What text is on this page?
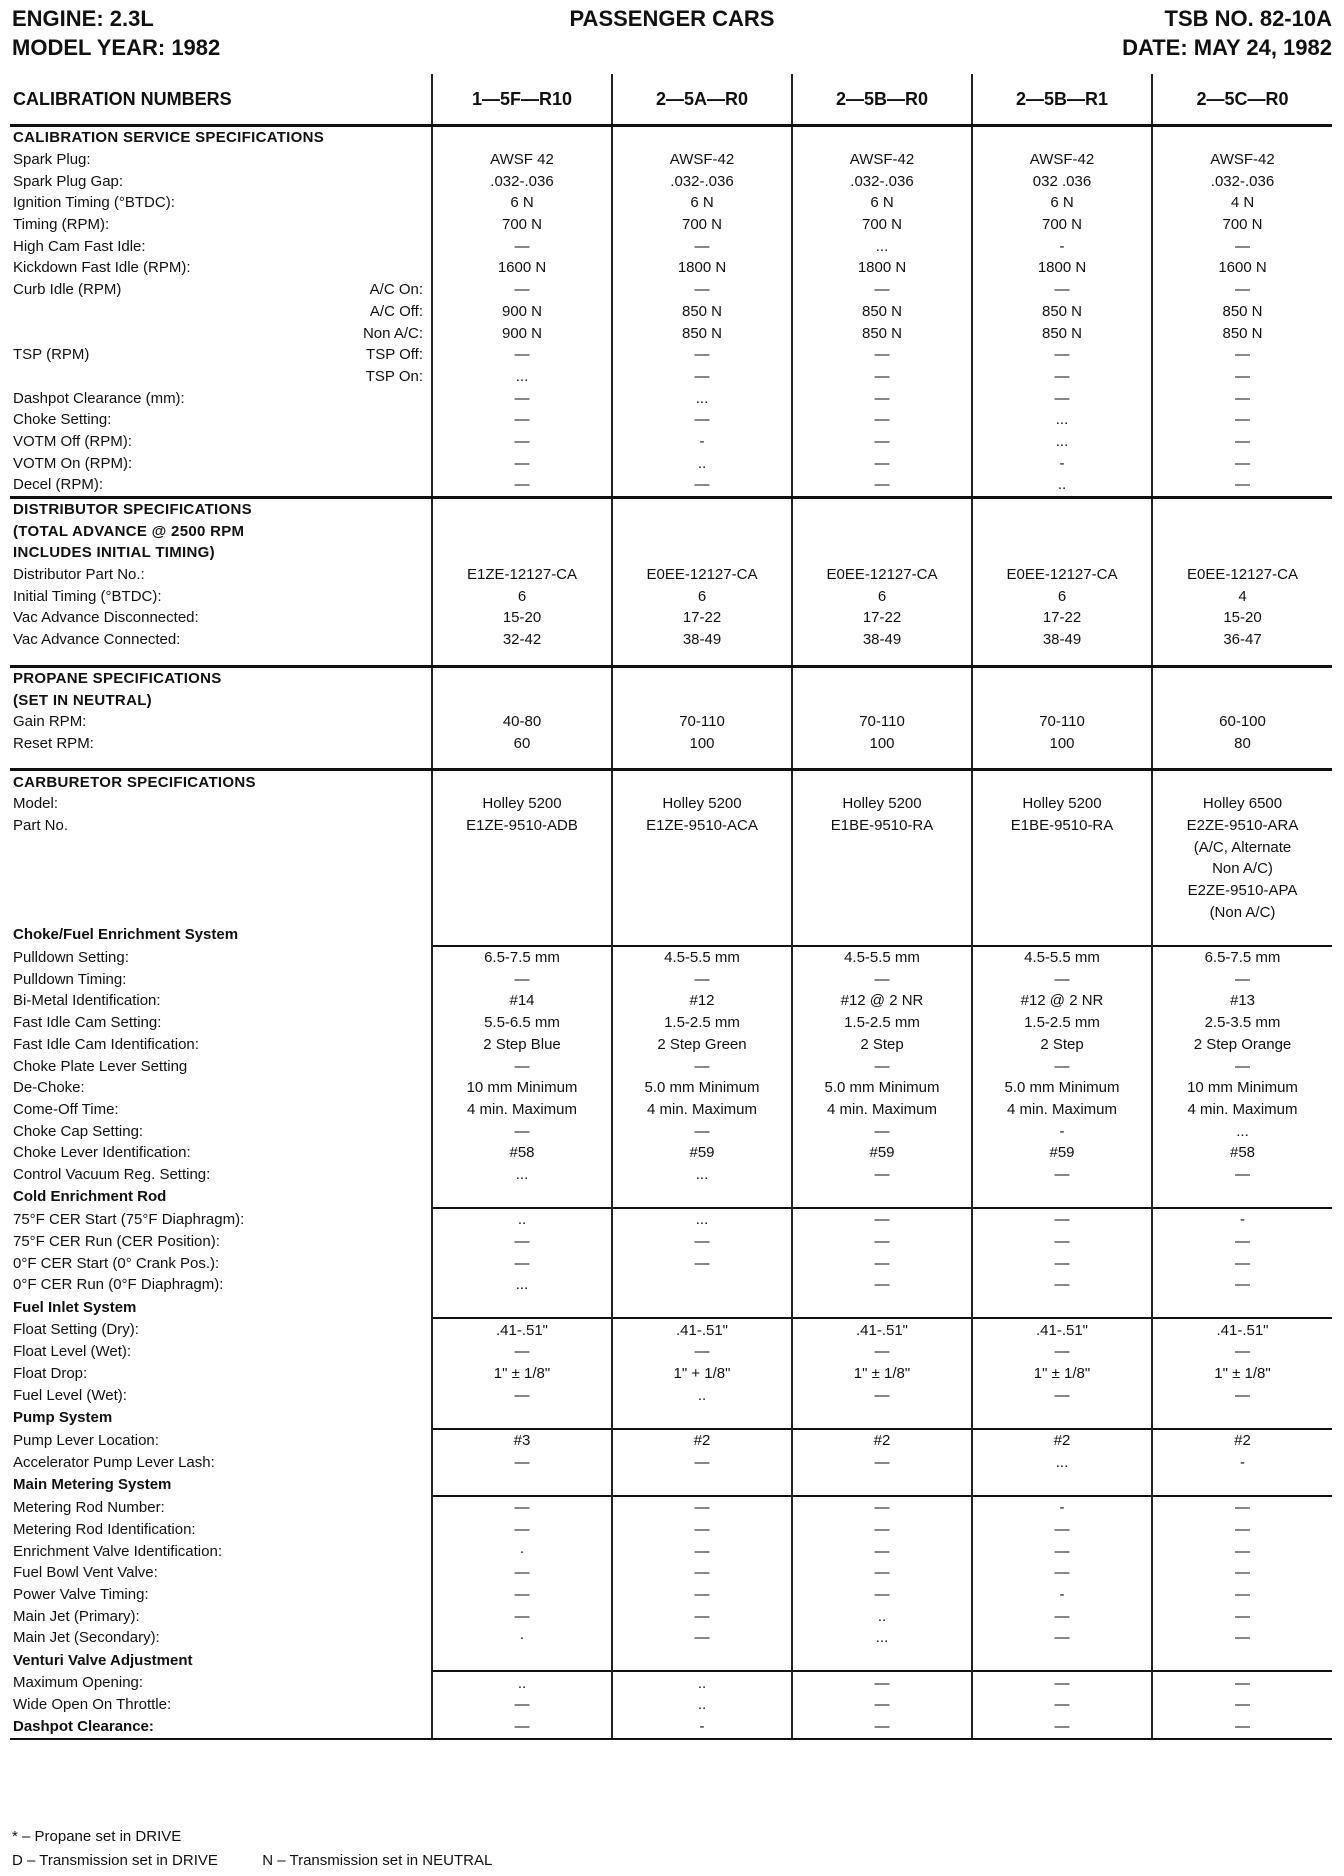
ENGINE: 2.3L
MODEL YEAR: 1982
PASSENGER CARS	TSB NO. 82-10A
DATE: MAY 24, 1982
CALIBRATION NUMBERS		1—5F—R10	2—5A—R0	2—5B—R0	2—5B—R1	2—5C—R0
CALIBRATION SERVICE SPECIFICATIONS						
Spark Plug:		AWSF 42	AWSF-42	AWSF-42	AWSF-42	AWSF-42
Spark Plug Gap:		.032-.036	.032-.036	.032-.036	032 .036	.032-.036
Ignition Timing (°BTDC):		6 N	6 N	6 N	6 N	4 N
Timing (RPM):		700 N	700 N	700 N	700 N	700 N
High Cam Fast Idle:		—	—	...	-	—
Kickdown Fast Idle (RPM):		1600 N	1800 N	1800 N	1800 N	1600 N
Curb Idle (RPM)	A/C On:	—	—	—	—	—
	A/C Off:	900 N	850 N	850 N	850 N	850 N
	Non A/C:	900 N	850 N	850 N	850 N	850 N
TSP (RPM)	TSP Off:	—	—	—	—	—
	TSP On:	...	—	—	—	—
Dashpot Clearance (mm):		—	...	—	—	—
Choke Setting:		—	—	—	...	—
VOTM Off (RPM):		—	-	—	...	—
VOTM On (RPM):		—	..	—	-	—
Decel (RPM):		—	—	—	..	—
DISTRIBUTOR SPECIFICATIONS						
(TOTAL ADVANCE @ 2500 RPM						
INCLUDES INITIAL TIMING)						
Distributor Part No.:		E1ZE-12127-CA	E0EE-12127-CA	E0EE-12127-CA	E0EE-12127-CA	E0EE-12127-CA
Initial Timing (°BTDC):		6	6	6	6	4
Vac Advance Disconnected:		15-20	17-22	17-22	17-22	15-20
Vac Advance Connected:		32-42	38-49	38-49	38-49	36-47

PROPANE SPECIFICATIONS						
(SET IN NEUTRAL)						
Gain RPM:		40-80	70-110	70-110	70-110	60-100
Reset RPM:		60	100	100	100	80

CARBURETOR SPECIFICATIONS						
Model:		Holley 5200	Holley 5200	Holley 5200	Holley 5200	Holley 6500
Part No.		E1ZE-9510-ADB	E1ZE-9510-ACA	E1BE-9510-RA	E1BE-9510-RA	E2ZE-9510-ARA
						(A/C, Alternate
						Non A/C)
						E2ZE-9510-APA
						(Non A/C)
Choke/Fuel Enrichment System						
Pulldown Setting:		6.5-7.5 mm	4.5-5.5 mm	4.5-5.5 mm	4.5-5.5 mm	6.5-7.5 mm
Pulldown Timing:		—	—	—	—	—
Bi-Metal Identification:		#14	#12	#12 @ 2 NR	#12 @ 2 NR	#13
Fast Idle Cam Setting:		5.5-6.5 mm	1.5-2.5 mm	1.5-2.5 mm	1.5-2.5 mm	2.5-3.5 mm
Fast Idle Cam Identification:		2 Step Blue	2 Step Green	2 Step	2 Step	2 Step Orange
Choke Plate Lever Setting		—	—	—	—	—
De-Choke:		10 mm Minimum	5.0 mm Minimum	5.0 mm Minimum	5.0 mm Minimum	10 mm Minimum
Come-Off Time:		4 min. Maximum	4 min. Maximum	4 min. Maximum	4 min. Maximum	4 min. Maximum
Choke Cap Setting:		—	—	—	-	...
Choke Lever Identification:		#58	#59	#59	#59	#58
Control Vacuum Reg. Setting:		...	...	—	—	—
Cold Enrichment Rod						
75°F CER Start (75°F Diaphragm):		..	...	—	—	-
75°F CER Run (CER Position):		—	—	—	—	—
0°F CER Start (0° Crank Pos.):		—	—	—	—	—
0°F CER Run (0°F Diaphragm):		...		—	—	—
Fuel Inlet System						
Float Setting (Dry):		.41-.51"	.41-.51"	.41-.51"	.41-.51"	.41-.51"
Float Level (Wet):		—	—	—	—	—
Float Drop:		1" ± 1/8"	1" + 1/8"	1" ± 1/8"	1" ± 1/8"	1" ± 1/8"
Fuel Level (Wet):		—	..	—	—	—
Pump System						
Pump Lever Location:		#3	#2	#2	#2	#2
Accelerator Pump Lever Lash:		—	—	—	...	-
Main Metering System						
Metering Rod Number:		—	—	—	-	—
Metering Rod Identification:		—	—	—	—	—
Enrichment Valve Identification:		·	—	—	—	—
Fuel Bowl Vent Valve:		—	—	—	—	—
Power Valve Timing:		—	—	—	-	—
Main Jet (Primary):		—	—	..	—	—
Main Jet (Secondary):		·	—	...	—	—
Venturi Valve Adjustment						
Maximum Opening:		..	..	—	—	—
Wide Open On Throttle:		—	..	—	—	—
Dashpot Clearance:		—	-	—	—	—
* – Propane set in DRIVE
D – Transmission set in DRIVE	N – Transmission set in NEUTRAL
